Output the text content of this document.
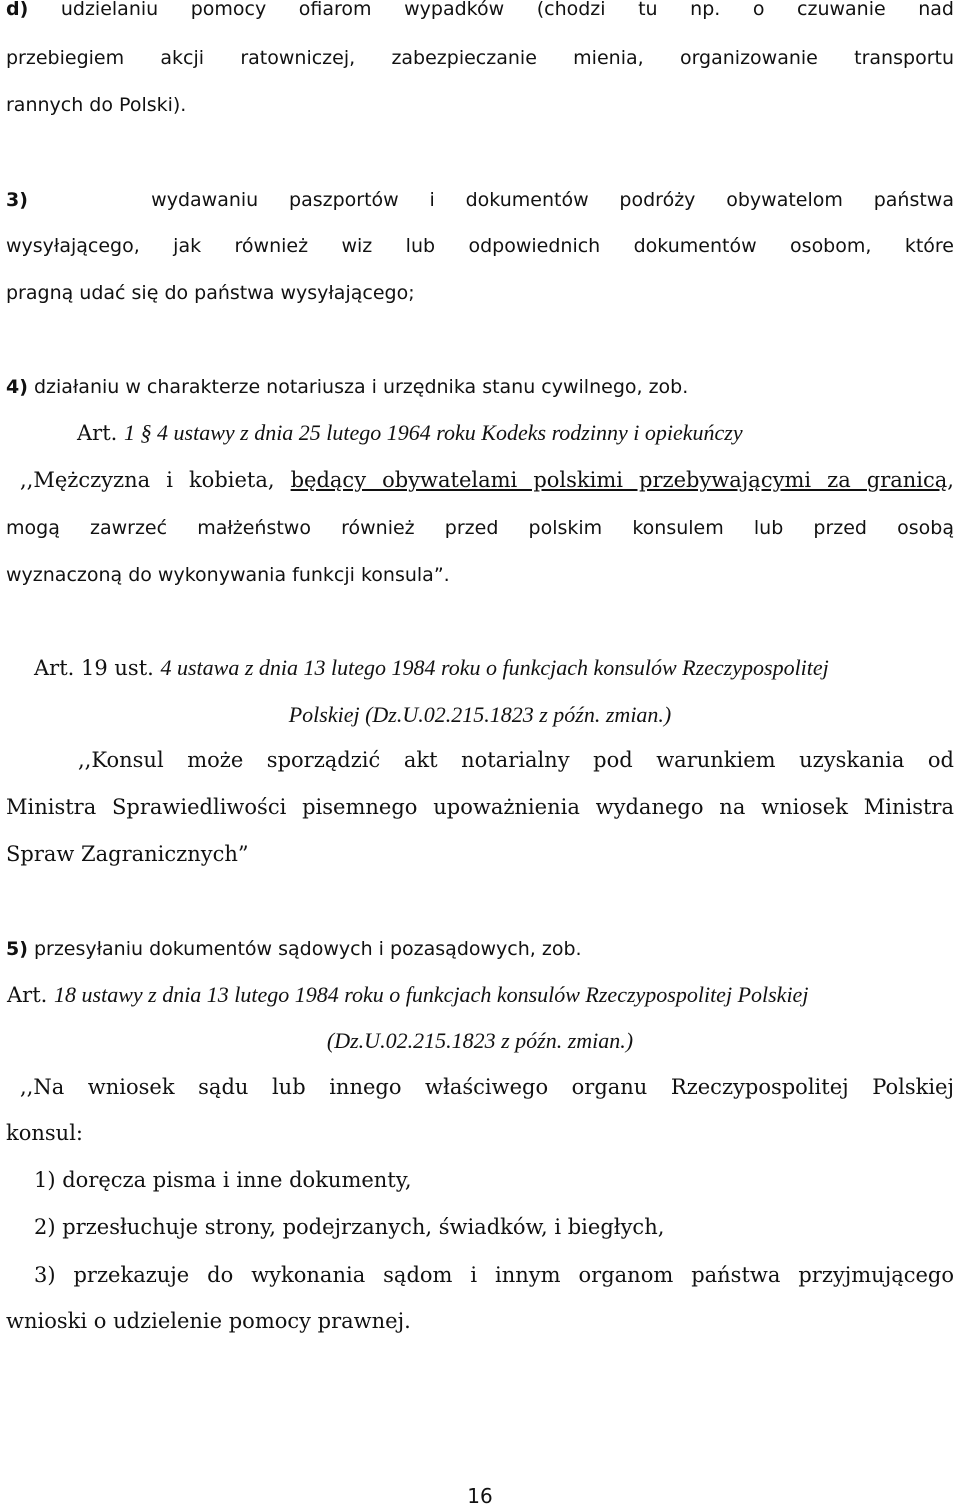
d) udzielaniu pomocy ofiarom wypadków (chodzi tu np. o czuwanie nad
przebiegiem akcji ratowniczej, zabezpieczanie mienia, organizowanie transportu
rannych do Polski).
3)	wydawaniu paszportów i dokumentów podróży obywatelom państwa
wysyłającego, jak również wiz lub odpowiednich dokumentów osobom, które
pragną udać się do państwa wysyłającego;
4) działaniu w charakterze notariusza i urzędnika stanu cywilnego, zob.
Art. 1 § 4 ustawy z dnia 25 lutego 1964 roku Kodeks rodzinny i opiekuńczy
,,Mężczyzna i kobieta, będący obywatelami polskimi przebywającymi za granicą,
mogą zawrzeć małżeństwo również przed polskim konsulem lub przed osobą
wyznaczoną do wykonywania funkcji konsula”.
Art. 19 ust. 4 ustawa z dnia 13 lutego 1984 roku o funkcjach konsulów Rzeczypospolitej
Polskiej (Dz.U.02.215.1823 z późn. zmian.)
,,Konsul może sporządzić akt notarialny pod warunkiem uzyskania od
Ministra Sprawiedliwości pisemnego upoważnienia wydanego na wniosek Ministra
Spraw Zagranicznych”
5) przesyłaniu dokumentów sądowych i pozasądowych, zob.
Art. 18 ustawy z dnia 13 lutego 1984 roku o funkcjach konsulów Rzeczypospolitej Polskiej
(Dz.U.02.215.1823 z późn. zmian.)
,,Na wniosek sądu lub innego właściwego organu Rzeczypospolitej Polskiej
konsul:
1) doręcza pisma i inne dokumenty,
2) przesłuchuje strony, podejrzanych, świadków, i biegłych,
3) przekazuje do wykonania sądom i innym organom państwa przyjmującego
wnioski o udzielenie pomocy prawnej.
16
